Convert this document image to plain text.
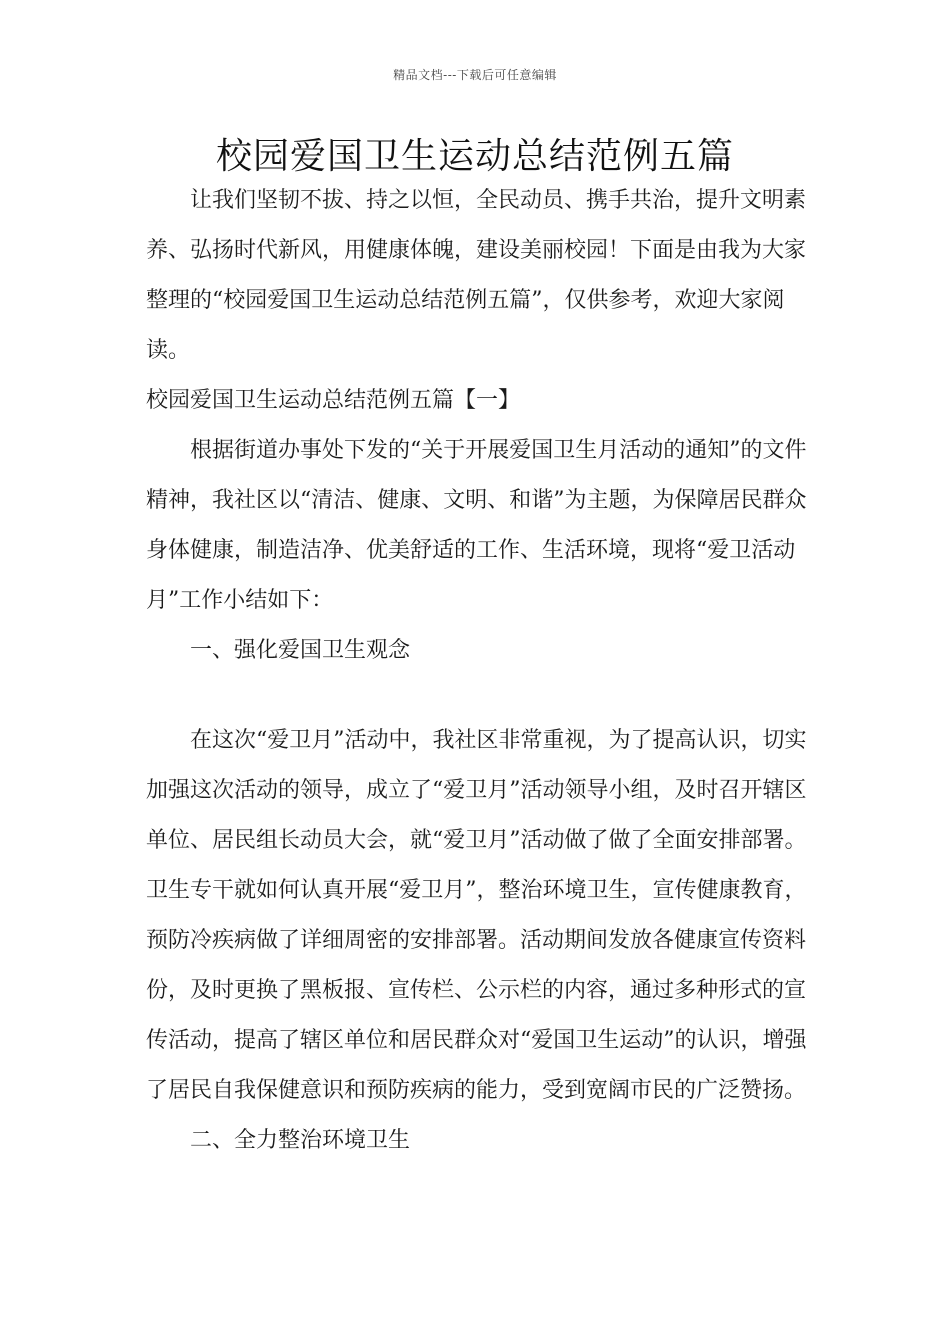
精品文档---下载后可任意编辑
校园爱国卫生运动总结范例五篇

让我们坚韧不拔、持之以恒，全民动员、携手共治，提升文明素养、弘扬时代新风，用健康体魄，建设美丽校园！下面是由我为大家整理的“校园爱国卫生运动总结范例五篇”，仅供参考，欢迎大家阅读。

校园爱国卫生运动总结范例五篇【一】

根据街道办事处下发的“关于开展爱国卫生月活动的通知”的文件精神，我社区以“清洁、健康、文明、和谐”为主题，为保障居民群众身体健康，制造洁净、优美舒适的工作、生活环境，现将“爱卫活动月”工作小结如下：

一、强化爱国卫生观念

在这次“爱卫月”活动中，我社区非常重视，为了提高认识，切实加强这次活动的领导，成立了“爱卫月”活动领导小组，及时召开辖区单位、居民组长动员大会，就“爱卫月”活动做了做了全面安排部署。卫生专干就如何认真开展“爱卫月”，整治环境卫生，宣传健康教育，预防冷疾病做了详细周密的安排部署。活动期间发放各健康宣传资料份，及时更换了黑板报、宣传栏、公示栏的内容，通过多种形式的宣传活动，提高了辖区单位和居民群众对“爱国卫生运动”的认识，增强了居民自我保健意识和预防疾病的能力，受到宽阔市民的广泛赞扬。

二、全力整治环境卫生
